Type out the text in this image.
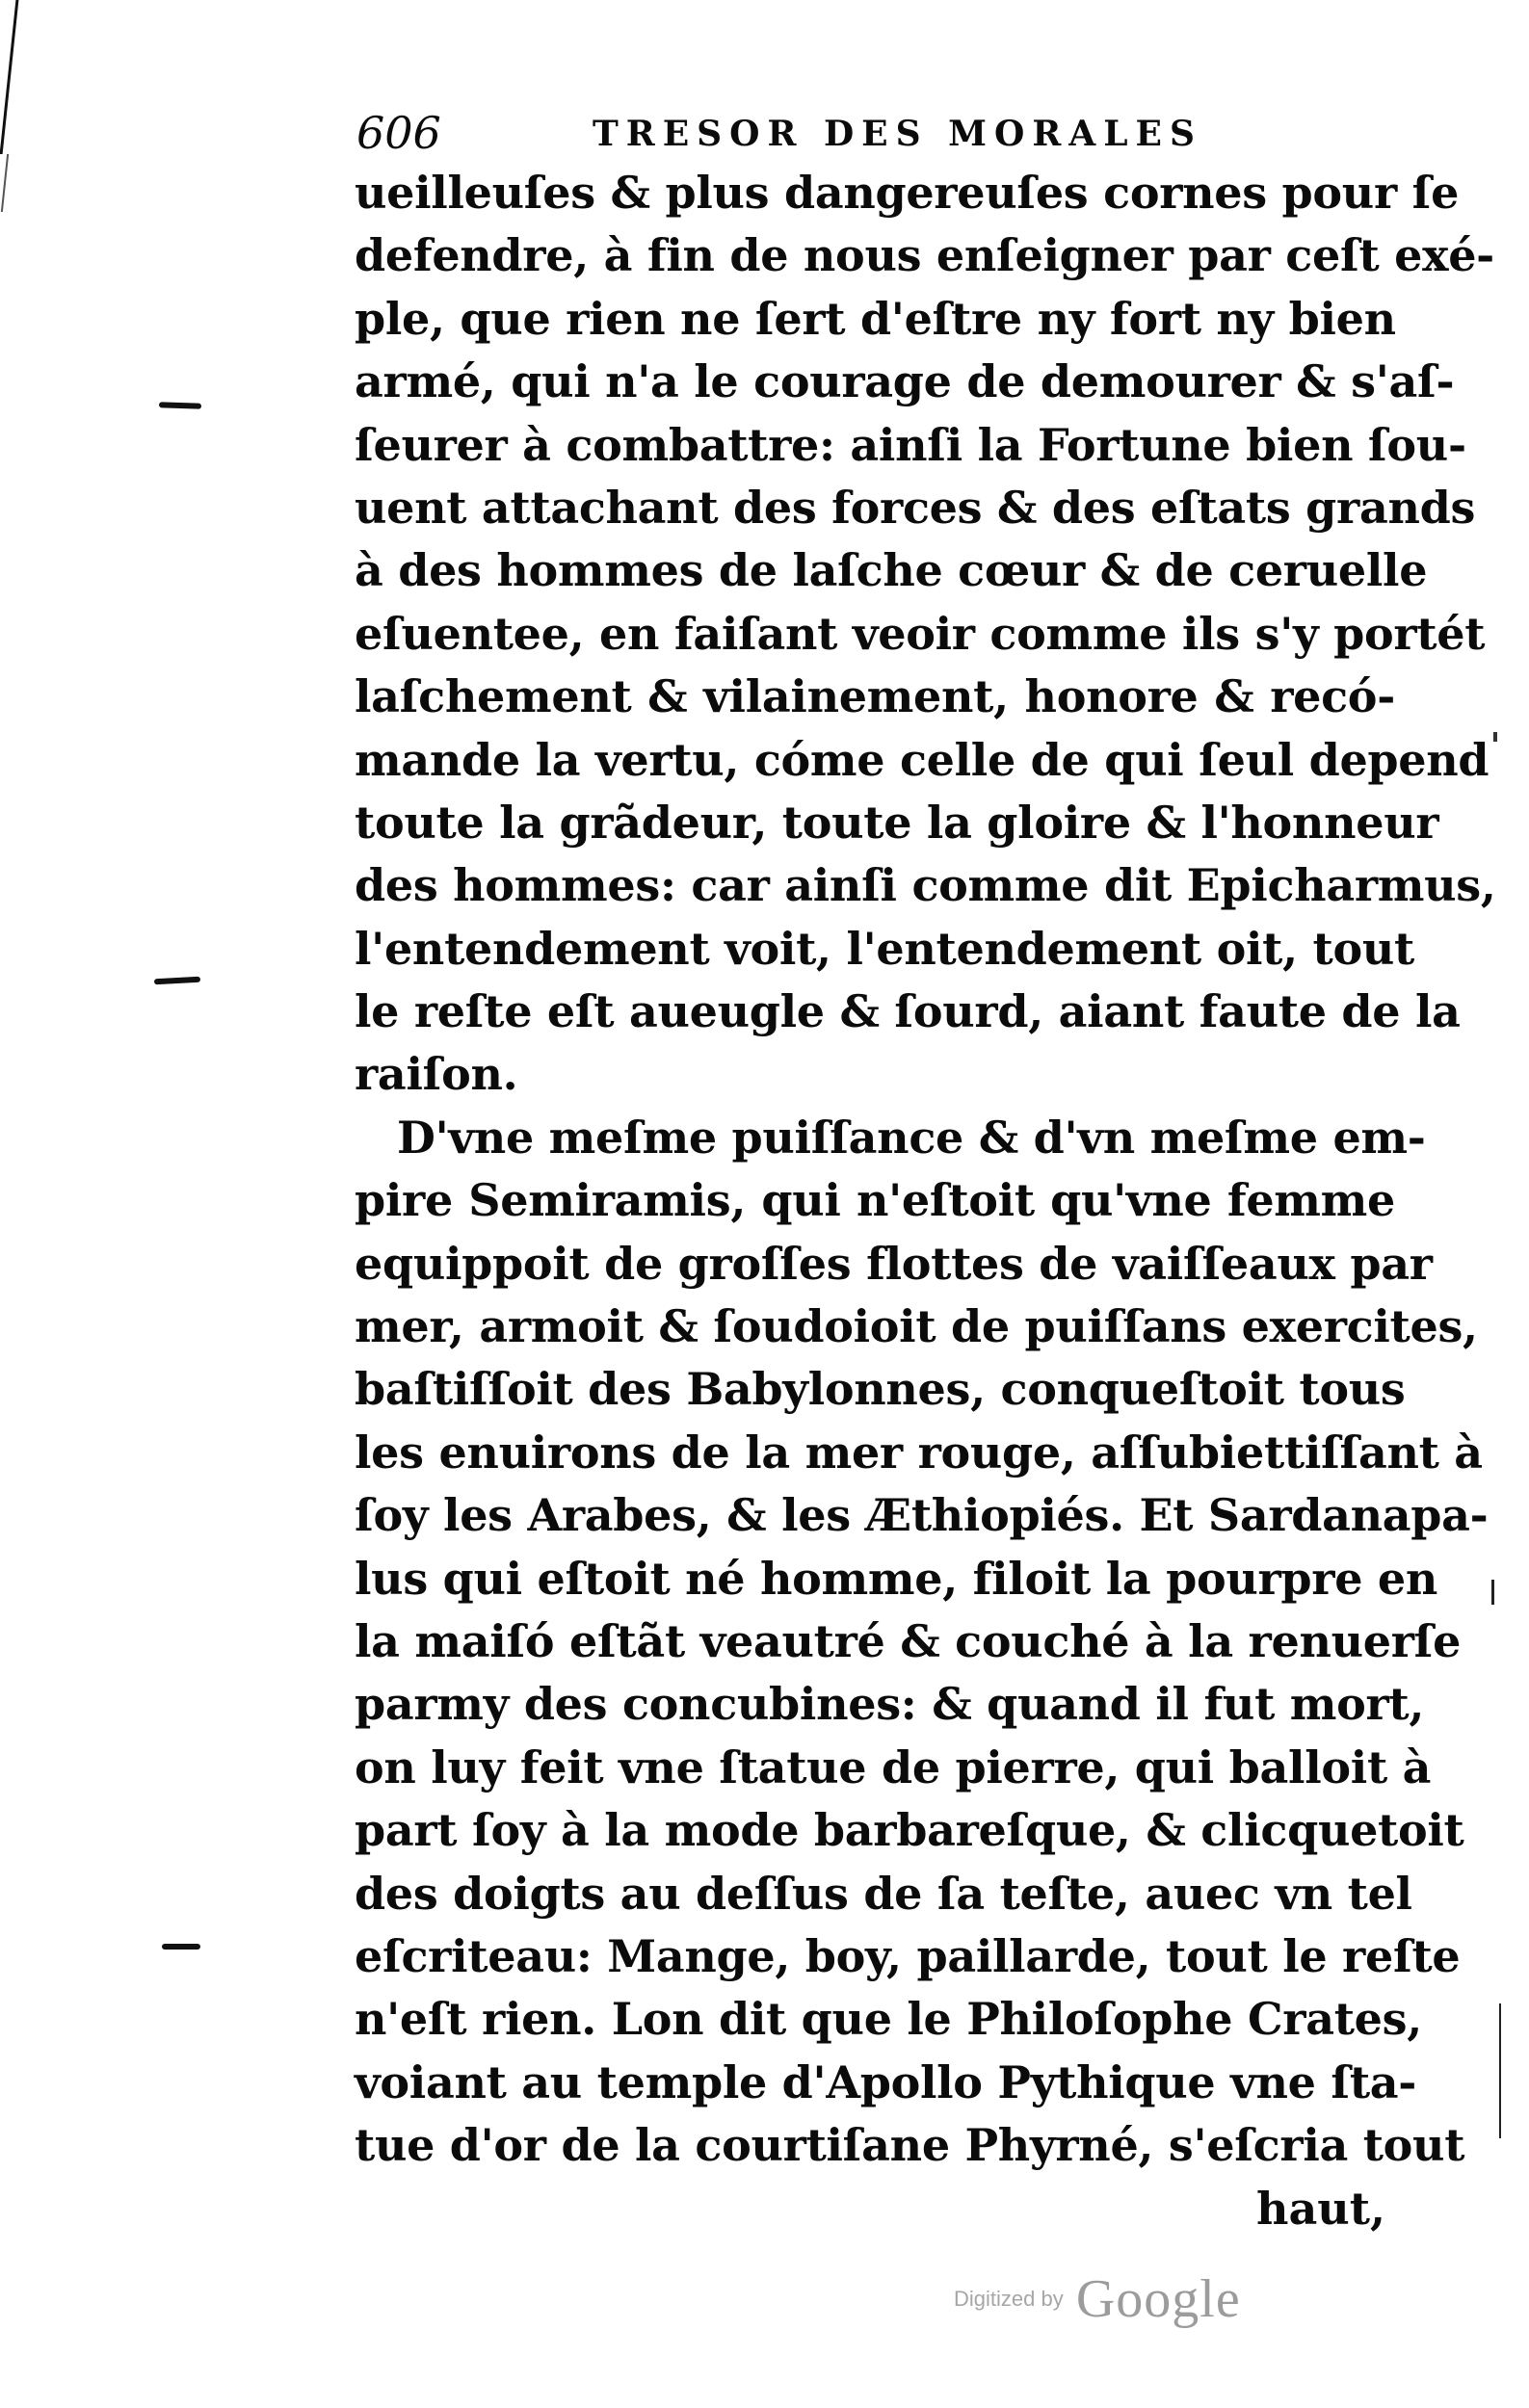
606	TRESOR DES MORALES
ueilleuſes & plus dangereuſes cornes pour ſe
defendre, à fin de nous enſeigner par ceſt exé-
ple, que rien ne ſert d'eſtre ny fort ny bien
armé, qui n'a le courage de demourer & s'aſ-
ſeurer à combattre: ainſi la Fortune bien ſou-
uent attachant des forces & des eſtats grands
à des hommes de laſche cœur & de ceruelle
eſuentee, en faiſant veoir comme ils s'y portét
laſchement & vilainement, honore & recó-
mande la vertu, cóme celle de qui ſeul depend
toute la grãdeur, toute la gloire & l'honneur
des hommes: car ainſi comme dit Epicharmus,
l'entendement voit, l'entendement oit, tout
le reſte eſt aueugle & ſourd, aiant faute de la
raiſon.
D'vne meſme puiſſance & d'vn meſme em-
pire Semiramis, qui n'eſtoit qu'vne femme
equippoit de groſſes flottes de vaiſſeaux par
mer, armoit & ſoudoioit de puiſſans exercites,
baſtiſſoit des Babylonnes, conqueſtoit tous
les enuirons de la mer rouge, aſſubiettiſſant à
ſoy les Arabes, & les Æthiopiés. Et Sardanapa-
lus qui eſtoit né homme, filoit la pourpre en
la maiſó eſtãt veautré & couché à la renuerſe
parmy des concubines: & quand il fut mort,
on luy feit vne ſtatue de pierre, qui balloit à
part ſoy à la mode barbareſque, & clicquetoit
des doigts au deſſus de ſa teſte, auec vn tel
eſcriteau: Mange, boy, paillarde, tout le reſte
n'eſt rien. Lon dit que le Philoſophe Crates,
voiant au temple d'Apollo Pythique vne ſta-
tue d'or de la courtiſane Phyrné, s'eſcria tout
haut,
Digitized by Google
